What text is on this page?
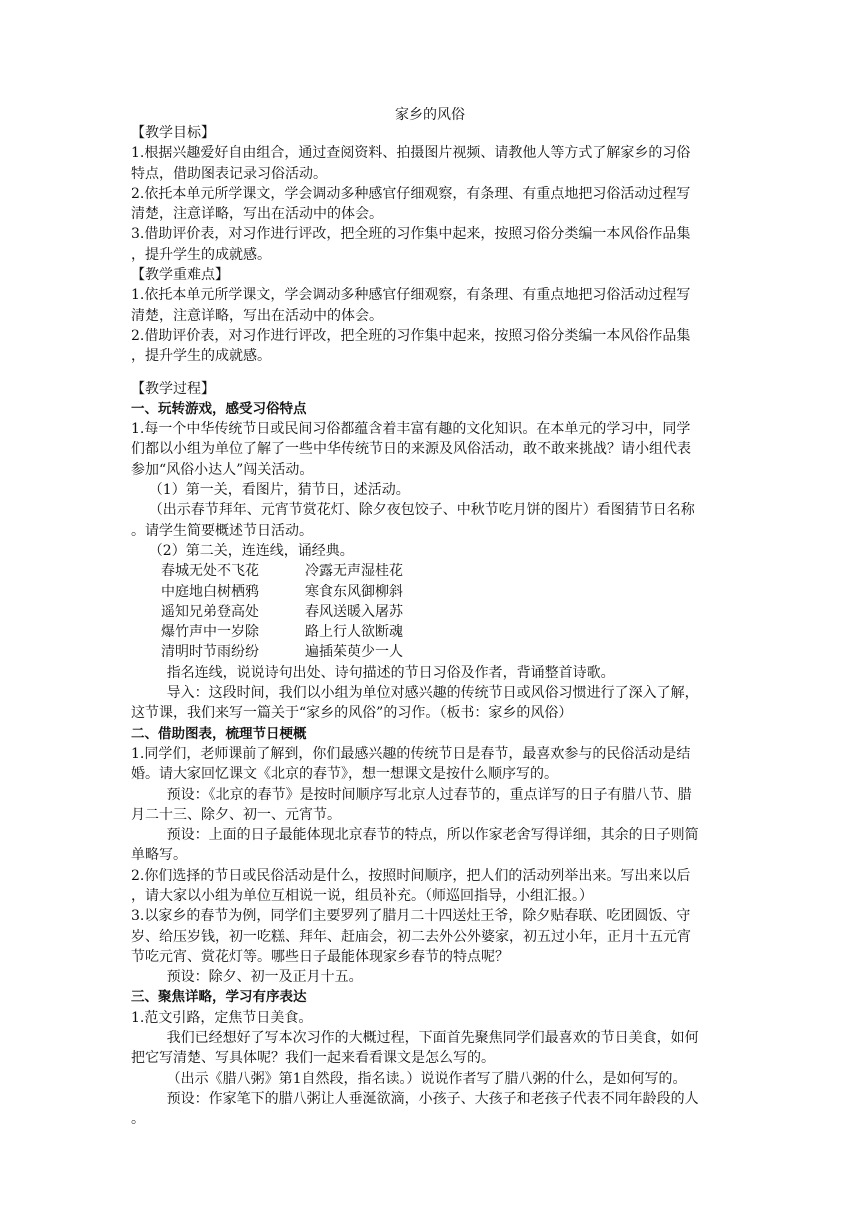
家乡的风俗
【教学目标】
1.根据兴趣爱好自由组合，通过查阅资料、拍摄图片视频、请教他人等方式了解家乡的习俗
特点，借助图表记录习俗活动。
2.依托本单元所学课文，学会调动多种感官仔细观察，有条理、有重点地把习俗活动过程写
清楚，注意详略，写出在活动中的体会。
3.借助评价表，对习作进行评改，把全班的习作集中起来，按照习俗分类编一本风俗作品集
，提升学生的成就感。
【教学重难点】
1.依托本单元所学课文，学会调动多种感官仔细观察，有条理、有重点地把习俗活动过程写
清楚，注意详略，写出在活动中的体会。
2.借助评价表，对习作进行评改，把全班的习作集中起来，按照习俗分类编一本风俗作品集
，提升学生的成就感。
【教学过程】
一、玩转游戏，感受习俗特点
1.每一个中华传统节日或民间习俗都蕴含着丰富有趣的文化知识。在本单元的学习中，同学
们都以小组为单位了解了一些中华传统节日的来源及风俗活动，敢不敢来挑战？请小组代表
参加“风俗小达人”闯关活动。
（1）第一关，看图片，猜节日，述活动。
（出示春节拜年、元宵节赏花灯、除夕夜包饺子、中秋节吃月饼的图片）看图猜节日名称
。请学生简要概述节日活动。
（2）第二关，连连线，诵经典。
春城无处不飞花	冷露无声湿桂花
中庭地白树栖鸦	寒食东风御柳斜
遥知兄弟登高处	春风送暖入屠苏
爆竹声中一岁除	路上行人欲断魂
清明时节雨纷纷	遍插茱萸少一人
指名连线，说说诗句出处、诗句描述的节日习俗及作者，背诵整首诗歌。
导入：这段时间，我们以小组为单位对感兴趣的传统节日或风俗习惯进行了深入了解，
这节课，我们来写一篇关于“家乡的风俗”的习作。（板书：家乡的风俗）
二、借助图表，梳理节日梗概
1.同学们，老师课前了解到，你们最感兴趣的传统节日是春节，最喜欢参与的民俗活动是结
婚。请大家回忆课文《北京的春节》，想一想课文是按什么顺序写的。
预设：《北京的春节》是按时间顺序写北京人过春节的，重点详写的日子有腊八节、腊
月二十三、除夕、初一、元宵节。
预设：上面的日子最能体现北京春节的特点，所以作家老舍写得详细，其余的日子则简
单略写。
2.你们选择的节日或民俗活动是什么，按照时间顺序，把人们的活动列举出来。写出来以后
，请大家以小组为单位互相说一说，组员补充。（师巡回指导，小组汇报。）
3.以家乡的春节为例，同学们主要罗列了腊月二十四送灶王爷，除夕贴春联、吃团圆饭、守
岁、给压岁钱，初一吃糕、拜年、赶庙会，初二去外公外婆家，初五过小年，正月十五元宵
节吃元宵、赏花灯等。哪些日子最能体现家乡春节的特点呢？
预设：除夕、初一及正月十五。
三、聚焦详略，学习有序表达
1.范文引路，定焦节日美食。
我们已经想好了写本次习作的大概过程，下面首先聚焦同学们最喜欢的节日美食，如何
把它写清楚、写具体呢？我们一起来看看课文是怎么写的。
（出示《腊八粥》第1自然段，指名读。）说说作者写了腊八粥的什么，是如何写的。
预设：作家笔下的腊八粥让人垂涎欲滴，小孩子、大孩子和老孩子代表不同年龄段的人
。
